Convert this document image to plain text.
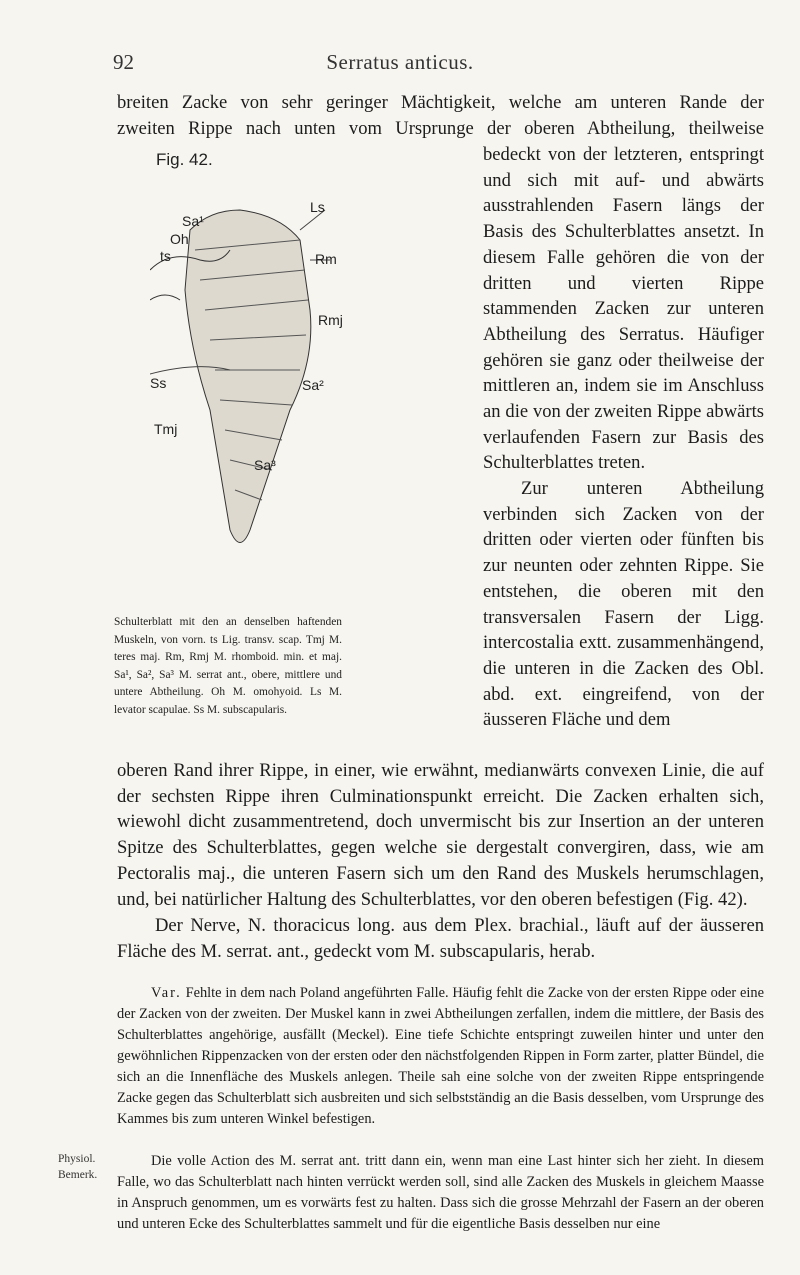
92	Serratus anticus.

breiten Zacke von sehr geringer Mächtigkeit, welche am unteren Rande der

zweiten Rippe nach unten vom Ursprunge der oberen Abtheilung, theilweise

bedeckt von der letzteren, entspringt und sich mit auf- und abwärts ausstrahlenden Fasern längs der Basis des Schulterblattes ansetzt. In diesem Falle gehören die von der dritten und vierten Rippe stammenden Zacken zur unteren Abtheilung des Serratus. Häufiger gehören sie ganz oder theilweise der mittleren an, indem sie im Anschluss an die von der zweiten Rippe abwärts verlaufenden Fasern zur Basis des Schulterblattes treten.

Zur unteren Abtheilung verbinden sich Zacken von der dritten oder vierten oder fünften bis zur neunten oder zehnten Rippe. Sie entstehen, die oberen mit den transversalen Fasern der Ligg. intercostalia extt. zusammenhängend, die unteren in die Zacken des Obl. abd. ext. eingreifend, von der äusseren Fläche und dem

Fig. 42.
Sa¹
Oh
ts
Ls
Rm
Rmj
Ss	Sa²
Tmj
Sa³

Schulterblatt mit den an denselben haftenden Muskeln, von vorn. ts Lig. transv. scap. Tmj M. teres maj. Rm, Rmj M. rhomboid. min. et maj. Sa¹, Sa², Sa³ M. serrat ant., obere, mittlere und untere Abtheilung. Oh M. omohyoid. Ls M. levator scapulae. Ss M. subscapularis.

oberen Rand ihrer Rippe, in einer, wie erwähnt, medianwärts convexen Linie, die auf der sechsten Rippe ihren Culminationspunkt erreicht. Die Zacken erhalten sich, wiewohl dicht zusammentretend, doch unvermischt bis zur Insertion an der unteren Spitze des Schulterblattes, gegen welche sie dergestalt convergiren, dass, wie am Pectoralis maj., die unteren Fasern sich um den Rand des Muskels herumschlagen, und, bei natürlicher Haltung des Schulterblattes, vor den oberen befestigen (Fig. 42).

Der Nerve, N. thoracicus long. aus dem Plex. brachial., läuft auf der äusseren Fläche des M. serrat. ant., gedeckt vom M. subscapularis, herab.

Var. Fehlte in dem nach Poland angeführten Falle. Häufig fehlt die Zacke von der ersten Rippe oder eine der Zacken von der zweiten. Der Muskel kann in zwei Abtheilungen zerfallen, indem die mittlere, der Basis des Schulterblattes angehörige, ausfällt (Meckel). Eine tiefe Schichte entspringt zuweilen hinter und unter den gewöhnlichen Rippenzacken von der ersten oder den nächstfolgenden Rippen in Form zarter, platter Bündel, die sich an die Innenfläche des Muskels anlegen. Theile sah eine solche von der zweiten Rippe entspringende Zacke gegen das Schulterblatt sich ausbreiten und sich selbstständig an die Basis desselben, vom Ursprunge des Kammes bis zum unteren Winkel befestigen.

Die volle Action des M. serrat ant. tritt dann ein, wenn man eine Last hinter sich her zieht. In diesem Falle, wo das Schulterblatt nach hinten verrückt werden soll, sind alle Zacken des Muskels in gleichem Maasse in Anspruch genommen, um es vorwärts fest zu halten. Dass sich die grosse Mehrzahl der Fasern an der oberen und unteren Ecke des Schulterblattes sammelt und für die eigentliche Basis desselben nur eine

Physiol.
Bemerk.
